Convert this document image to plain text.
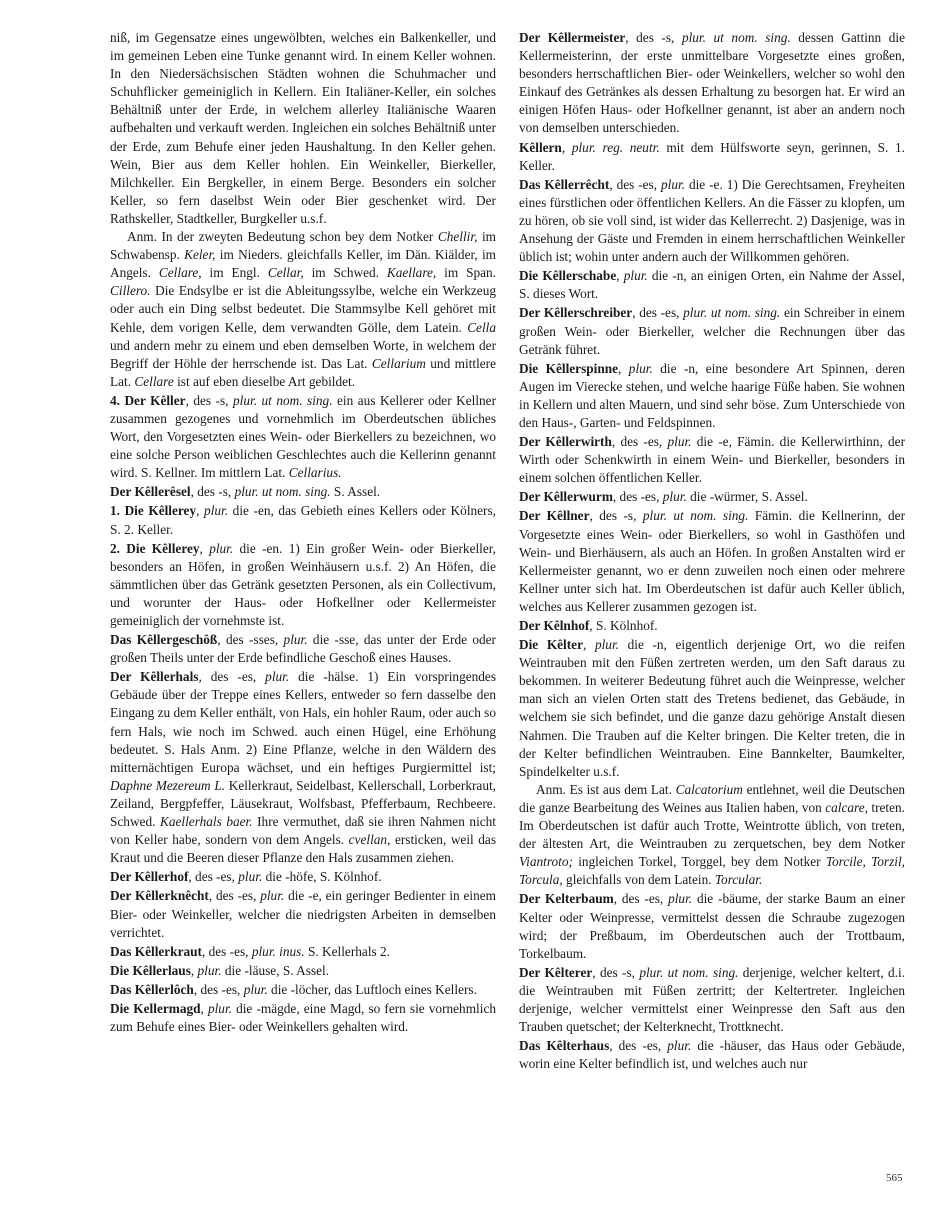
niß, im Gegensatze eines ungewölbten, welches ein Balkenkeller, und im gemeinen Leben eine Tunke genannt wird. In einem Keller wohnen. In den Niedersächsischen Städten wohnen die Schuhmacher und Schuhflicker gemeiniglich in Kellern. Ein Italiäner-Keller, ein solches Behältniß unter der Erde, in welchem allerley Italiänische Waaren aufbehalten und verkauft werden. Ingleichen ein solches Behältniß unter der Erde, zum Behufe einer jeden Haushaltung. In den Keller gehen. Wein, Bier aus dem Keller hohlen. Ein Weinkeller, Bierkeller, Milchkeller. Ein Bergkeller, in einem Berge. Besonders ein solcher Keller, so fern daselbst Wein oder Bier geschenket wird. Der Rathskeller, Stadtkeller, Burgkeller u.s.f.

Anm. In der zweyten Bedeutung schon bey dem Notker Chellir, im Schwabensp. Keler, im Nieders. gleichfalls Keller, im Dän. Kiälder, im Angels. Cellare, im Engl. Cellar, im Schwed. Kaellare, im Span. Cillero. Die Endsylbe er ist die Ableitungssylbe, welche ein Werkzeug oder auch ein Ding selbst bedeutet. Die Stammsylbe Kell gehöret mit Kehle, dem vorigen Kelle, dem verwandten Gölle, dem Latein. Cella und andern mehr zu einem und eben demselben Worte, in welchem der Begriff der Höhle der herrschende ist. Das Lat. Cellarium und mittlere Lat. Cellare ist auf eben dieselbe Art gebildet.

4. Der Kêller, des -s, plur. ut nom. sing. ein aus Kellerer oder Kellner zusammen gezogenes und vornehmlich im Oberdeutschen übliches Wort, den Vorgesetzten eines Wein- oder Bierkellers zu bezeichnen, wo eine solche Person weiblichen Geschlechtes auch die Kellerinn genannt wird. S. Kellner. Im mittlern Lat. Cellarius.

Der Kêllerêsel, des -s, plur. ut nom. sing. S. Assel.

1. Die Kêllerey, plur. die -en, das Gebieth eines Kellers oder Kölners, S. 2. Keller.

2. Die Kêllerey, plur. die -en. 1) Ein großer Wein- oder Bierkeller, besonders an Höfen, in großen Weinhäusern u.s.f. 2) An Höfen, die sämmtlichen über das Getränk gesetzten Personen, als ein Collectivum, und worunter der Haus- oder Hofkellner oder Kellermeister gemeiniglich der vornehmste ist.

Das Kêllergeschôß, des -sses, plur. die -sse, das unter der Erde oder großen Theils unter der Erde befindliche Geschoß eines Hauses.

Der Kêllerhals, des -es, plur. die -hälse. 1) Ein vorspringendes Gebäude über der Treppe eines Kellers, entweder so fern dasselbe den Eingang zu dem Keller enthält, von Hals, ein hohler Raum, oder auch so fern Hals, wie noch im Schwed. auch einen Hügel, eine Erhöhung bedeutet. S. Hals Anm. 2) Eine Pflanze, welche in den Wäldern des mitternächtigen Europa wächset, und ein heftiges Purgiermittel ist; Daphne Mezereum L. Kellerkraut, Seidelbast, Kellerschall, Lorberkraut, Zeiland, Bergpfeffer, Läusekraut, Wolfsbast, Pfefferbaum, Rechbeere. Schwed. Kaellerhals baer. Ihre vermuthet, daß sie ihren Nahmen nicht von Keller habe, sondern von dem Angels. cvellan, ersticken, weil das Kraut und die Beeren dieser Pflanze den Hals zusammen ziehen.

Der Kêllerhof, des -es, plur. die -höfe, S. Kölnhof.

Der Kêllerknêcht, des -es, plur. die -e, ein geringer Bedienter in einem Bier- oder Weinkeller, welcher die niedrigsten Arbeiten in demselben verrichtet.

Das Kêllerkraut, des -es, plur. inus. S. Kellerhals 2.

Die Kêllerlaus, plur. die -läuse, S. Assel.

Das Kêllerlôch, des -es, plur. die -löcher, das Luftloch eines Kellers.

Die Kellermagd, plur. die -mägde, eine Magd, so fern sie vornehmlich zum Behufe eines Bier- oder Weinkellers gehalten wird.

Der Kêllermeister, des -s, plur. ut nom. sing. dessen Gattinn die Kellermeisterinn, der erste unmittelbare Vorgesetzte eines großen, besonders herrschaftlichen Bier- oder Weinkellers, welcher so wohl den Einkauf des Getränkes als dessen Erhaltung zu besorgen hat. Er wird an einigen Höfen Haus- oder Hofkellner genannt, ist aber an andern noch von demselben unterschieden.

Kêllern, plur. reg. neutr. mit dem Hülfsworte seyn, gerinnen, S. 1. Keller.

Das Kêllerrêcht, des -es, plur. die -e. 1) Die Gerechtsamen, Freyheiten eines fürstlichen oder öffentlichen Kellers. An die Fässer zu klopfen, um zu hören, ob sie voll sind, ist wider das Kellerrecht. 2) Dasjenige, was in Ansehung der Gäste und Fremden in einem herrschaftlichen Weinkeller üblich ist; wohin unter andern auch der Willkommen gehören.

Die Kêllerschabe, plur. die -n, an einigen Orten, ein Nahme der Assel, S. dieses Wort.

Der Kêllerschreiber, des -es, plur. ut nom. sing. ein Schreiber in einem großen Wein- oder Bierkeller, welcher die Rechnungen über das Getränk führet.

Die Kêllerspinne, plur. die -n, eine besondere Art Spinnen, deren Augen im Vierecke stehen, und welche haarige Füße haben. Sie wohnen in Kellern und alten Mauern, und sind sehr böse. Zum Unterschiede von den Haus-, Garten- und Feldspinnen.

Der Kêllerwirth, des -es, plur. die -e, Fämin. die Kellerwirthinn, der Wirth oder Schenkwirth in einem Wein- und Bierkeller, besonders in einem solchen öffentlichen Keller.

Der Kêllerwurm, des -es, plur. die -würmer, S. Assel.

Der Kêllner, des -s, plur. ut nom. sing. Fämin. die Kellnerinn, der Vorgesetzte eines Wein- oder Bierkellers, so wohl in Gasthöfen und Wein- und Bierhäusern, als auch an Höfen. In großen Anstalten wird er Kellermeister genannt, wo er denn zuweilen noch einen oder mehrere Kellner unter sich hat. Im Oberdeutschen ist dafür auch Keller üblich, welches aus Kellerer zusammen gezogen ist.

Der Kêlnhof, S. Kölnhof.

Die Kêlter, plur. die -n, eigentlich derjenige Ort, wo die reifen Weintrauben mit den Füßen zertreten werden, um den Saft daraus zu bekommen. In weiterer Bedeutung führet auch die Weinpresse, welcher man sich an vielen Orten statt des Tretens bedienet, das Gebäude, in welchem sie sich befindet, und die ganze dazu gehörige Anstalt diesen Nahmen. Die Trauben auf die Kelter bringen. Die Kelter treten, die in der Kelter befindlichen Weintrauben. Eine Bannkelter, Baumkelter, Spindelkelter u.s.f.

Anm. Es ist aus dem Lat. Calcatorium entlehnet, weil die Deutschen die ganze Bearbeitung des Weines aus Italien haben, von calcare, treten. Im Oberdeutschen ist dafür auch Trotte, Weintrotte üblich, von treten, der ältesten Art, die Weintrauben zu zerquetschen, bey dem Notker Viantroto; ingleichen Torkel, Torggel, bey dem Notker Torcile, Torzil, Torcula, gleichfalls von dem Latein. Torcular.

Der Kelterbaum, des -es, plur. die -bäume, der starke Baum an einer Kelter oder Weinpresse, vermittelst dessen die Schraube zugezogen wird; der Preßbaum, im Oberdeutschen auch der Trottbaum, Torkelbaum.

Der Kêlterer, des -s, plur. ut nom. sing. derjenige, welcher keltert, d.i. die Weintrauben mit Füßen zertritt; der Keltertreter. Ingleichen derjenige, welcher vermittelst einer Weinpresse den Saft aus den Trauben quetschet; der Kelterknecht, Trottknecht.

Das Kêlterhaus, des -es, plur. die -häuser, das Haus oder Gebäude, worin eine Kelter befindlich ist, und welches auch nur

565
